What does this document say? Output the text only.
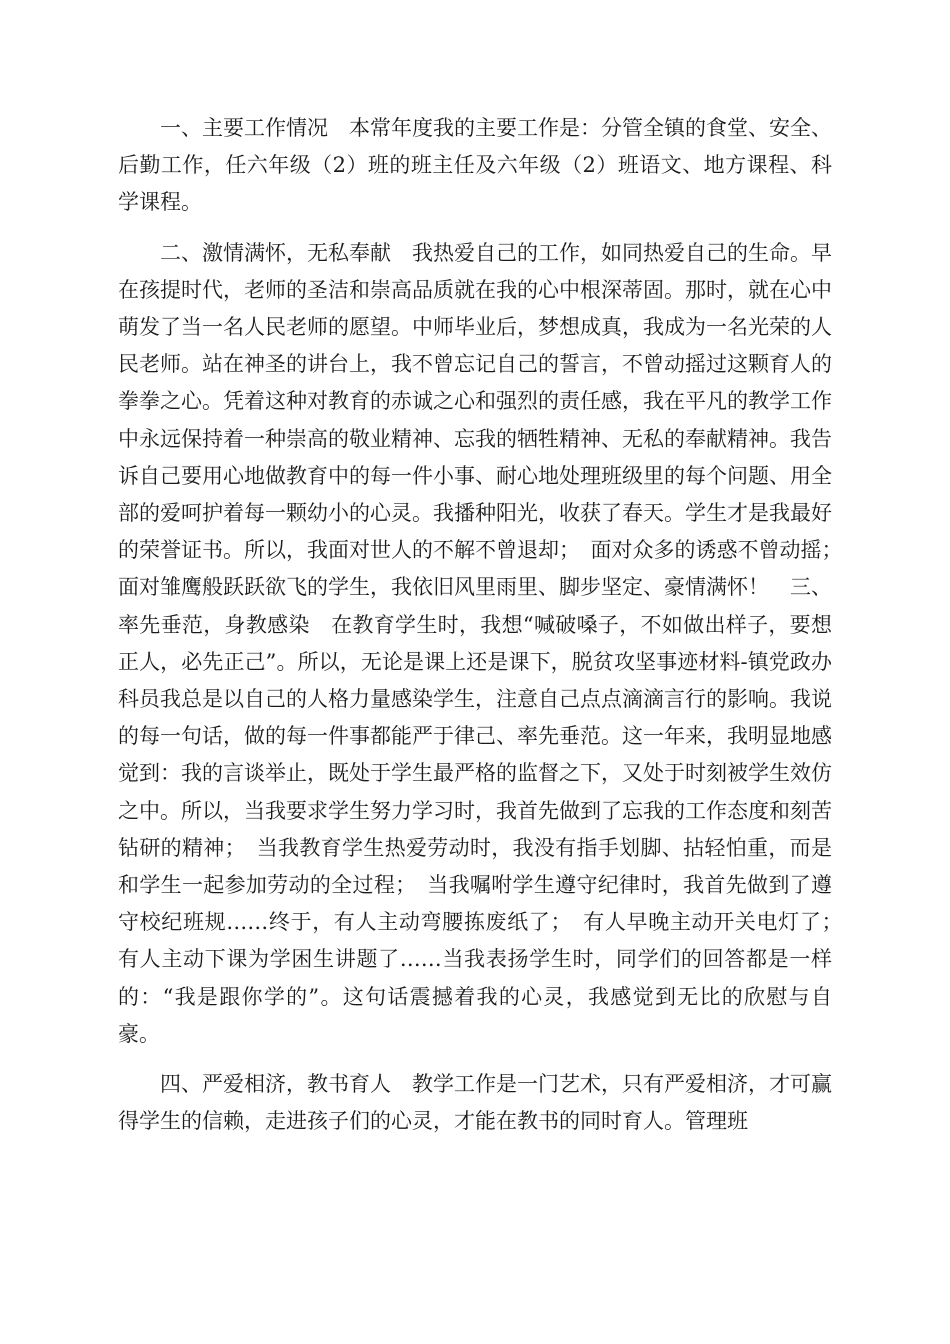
一、主要工作情况　本常年度我的主要工作是：分管全镇的食堂、安全、后勤工作，任六年级（2）班的班主任及六年级（2）班语文、地方课程、科学课程。

二、激情满怀，无私奉献　我热爱自己的工作，如同热爱自己的生命。早在孩提时代，老师的圣洁和崇高品质就在我的心中根深蒂固。那时，就在心中萌发了当一名人民老师的愿望。中师毕业后，梦想成真，我成为一名光荣的人民老师。站在神圣的讲台上，我不曾忘记自己的誓言，不曾动摇过这颗育人的拳拳之心。凭着这种对教育的赤诚之心和强烈的责任感，我在平凡的教学工作中永远保持着一种崇高的敬业精神、忘我的牺牲精神、无私的奉献精神。我告诉自己要用心地做教育中的每一件小事、耐心地处理班级里的每个问题、用全部的爱呵护着每一颗幼小的心灵。我播种阳光，收获了春天。学生才是我最好的荣誉证书。所以，我面对世人的不解不曾退却；　面对众多的诱惑不曾动摇；　面对雏鹰般跃跃欲飞的学生，我依旧风里雨里、脚步坚定、豪情满怀！　三、率先垂范，身教感染　在教育学生时，我想“喊破嗓子，不如做出样子，要想正人，必先正己”。所以，无论是课上还是课下，脱贫攻坚事迹材料-镇党政办科员我总是以自己的人格力量感染学生，注意自己点点滴滴言行的影响。我说的每一句话，做的每一件事都能严于律己、率先垂范。这一年来，我明显地感觉到：我的言谈举止，既处于学生最严格的监督之下，又处于时刻被学生效仿之中。所以，当我要求学生努力学习时，我首先做到了忘我的工作态度和刻苦钻研的精神；　当我教育学生热爱劳动时，我没有指手划脚、拈轻怕重，而是和学生一起参加劳动的全过程；　当我嘱咐学生遵守纪律时，我首先做到了遵守校纪班规……终于，有人主动弯腰拣废纸了；　有人早晚主动开关电灯了；　有人主动下课为学困生讲题了……当我表扬学生时，同学们的回答都是一样的：“我是跟你学的”。这句话震撼着我的心灵，我感觉到无比的欣慰与自豪。

四、严爱相济，教书育人　教学工作是一门艺术，只有严爱相济，才可赢得学生的信赖，走进孩子们的心灵，才能在教书的同时育人。管理班
